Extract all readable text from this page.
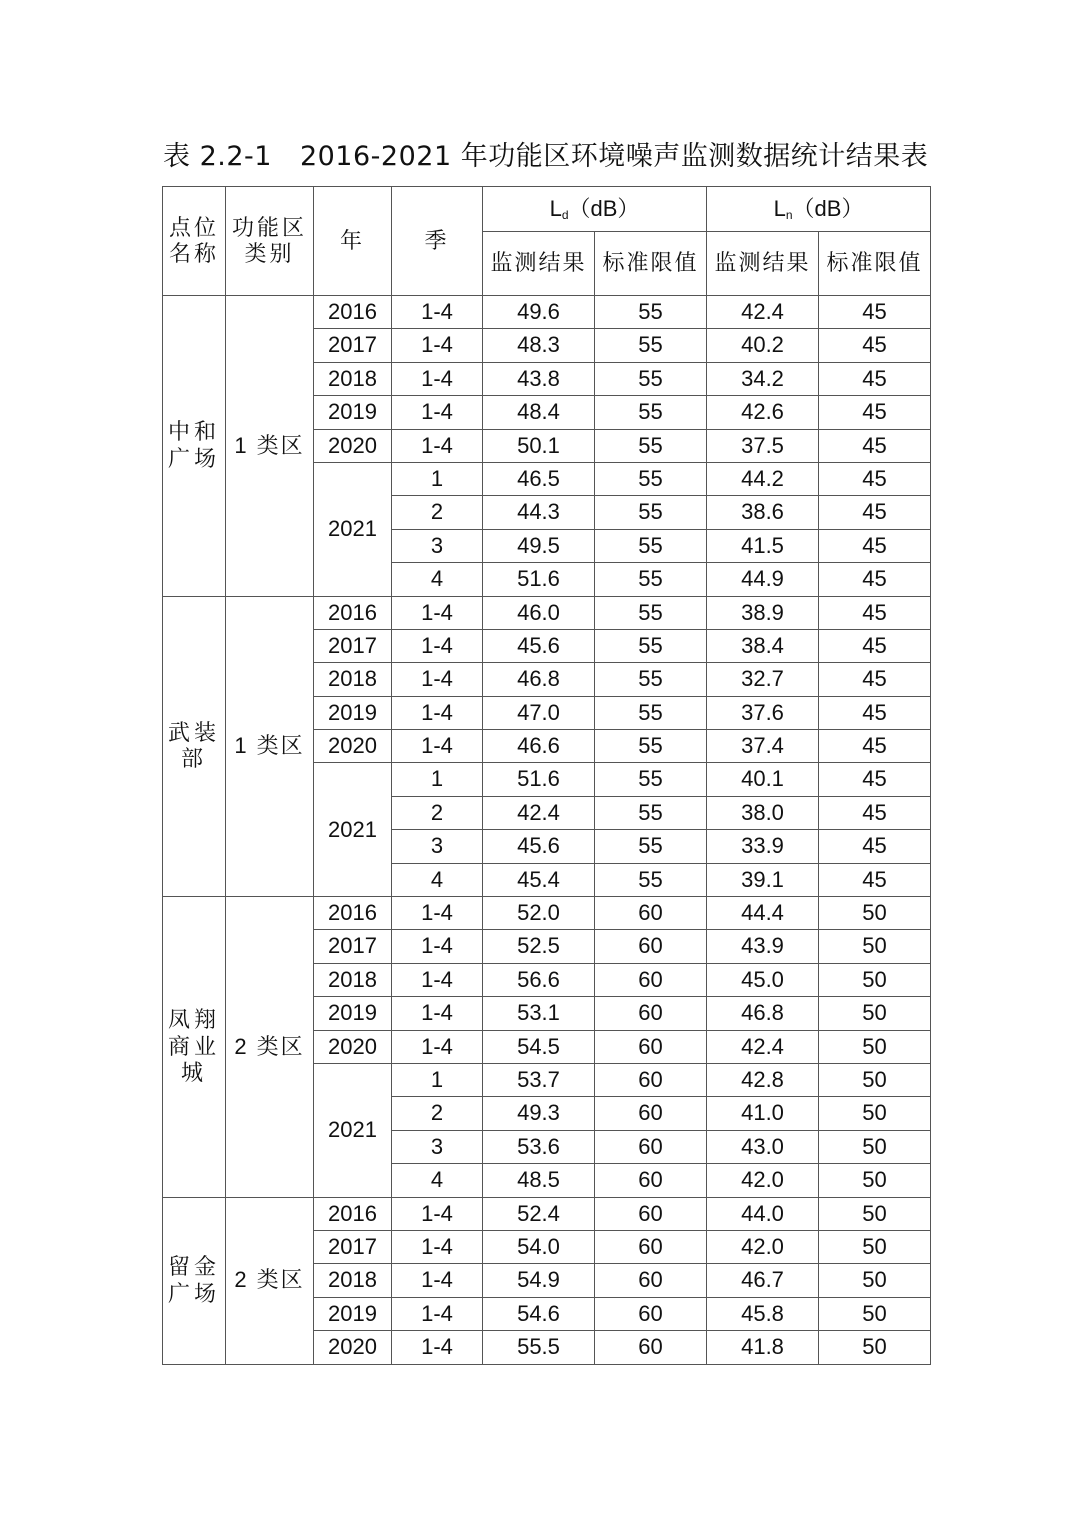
表 2.2-1 2016-2021 年功能区环境噪声监测数据统计结果表
点位名称	功能区类别	年	季	$L_d(dB)$		$L_n(dB)$	
				监测结果	标准限值	监测结果	标准限值
中和广场	1 类区	2016	1-4	49.6	55	42.4	45
		2017	1-4	48.3	55	40.2	45
		2018	1-4	43.8	55	34.2	45
		2019	1-4	48.4	55	42.6	45
		2020	1-4	50.1	55	37.5	45
		2021	1	46.5	55	44.2	45
			2	44.3	55	38.6	45
			3	49.5	55	41.5	45
			4	51.6	55	44.9	45
武装部	1 类区	2016	1-4	46.0	55	38.9	45
		2017	1-4	45.6	55	38.4	45
		2018	1-4	46.8	55	32.7	45
		2019	1-4	47.0	55	37.6	45
		2020	1-4	46.6	55	37.4	45
		2021	1	51.6	55	40.1	45
			2	42.4	55	38.0	45
			3	45.6	55	33.9	45
			4	45.4	55	39.1	45
凤翔商业城	2 类区	2016	1-4	52.0	60	44.4	50
		2017	1-4	52.5	60	43.9	50
		2018	1-4	56.6	60	45.0	50
		2019	1-4	53.1	60	46.8	50
		2020	1-4	54.5	60	42.4	50
		2021	1	53.7	60	42.8	50
			2	49.3	60	41.0	50
			3	53.6	60	43.0	50
			4	48.5	60	42.0	50
留金广场	2 类区	2016	1-4	52.4	60	44.0	50
		2017	1-4	54.0	60	42.0	50
		2018	1-4	54.9	60	46.7	50
		2019	1-4	54.6	60	45.8	50
		2020	1-4	55.5	60	41.8	50
